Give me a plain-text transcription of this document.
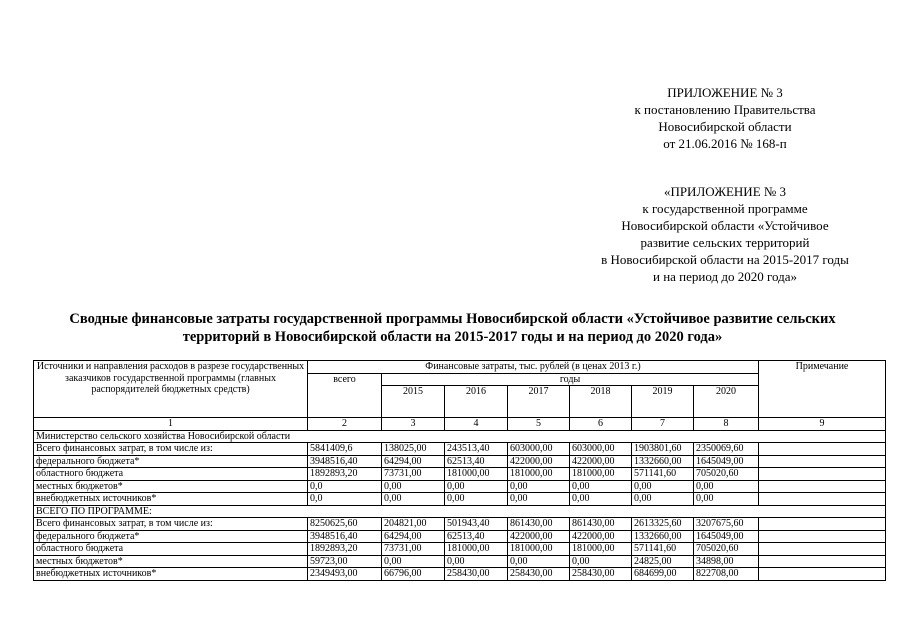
ПРИЛОЖЕНИЕ № 3
к постановлению Правительства
Новосибирской области
от 21.06.2016 № 168-п
«ПРИЛОЖЕНИЕ № 3
к государственной программе
Новосибирской области «Устойчивое
развитие сельских территорий
в Новосибирской области на 2015-2017 годы
и на период до 2020 года»
Сводные финансовые затраты государственной программы Новосибирской области «Устойчивое развитие сельских
территорий в Новосибирской области на 2015-2017 годы и на период до 2020 года»
Источники и направления расходов в разрезе государственных заказчиков государственной программы (главных распорядителей бюджетных средств)	Финансовые затраты, тыс. рублей (в ценах 2013 г.)							Примечание
	всего	годы						
		2015	2016	2017	2018	2019	2020	
1	2	3	4	5	6	7	8	9
Министерство сельского хозяйства Новосибирской области								
Всего финансовых затрат, в том числе из:	5841409,6	138025,00	243513,40	603000,00	603000,00	1903801,60	2350069,60	
федерального бюджета*	3948516,40	64294,00	62513,40	422000,00	422000,00	1332660,00	1645049,00	
областного бюджета	1892893,20	73731,00	181000,00	181000,00	181000,00	571141,60	705020,60	
местных бюджетов*	0,0	0,00	0,00	0,00	0,00	0,00	0,00	
внебюджетных источников*	0,0	0,00	0,00	0,00	0,00	0,00	0,00	
ВСЕГО ПО ПРОГРАММЕ:								
Всего финансовых затрат, в том числе из:	8250625,60	204821,00	501943,40	861430,00	861430,00	2613325,60	3207675,60	
федерального бюджета*	3948516,40	64294,00	62513,40	422000,00	422000,00	1332660,00	1645049,00	
областного бюджета	1892893,20	73731,00	181000,00	181000,00	181000,00	571141,60	705020,60	
местных бюджетов*	59723,00	0,00	0,00	0,00	0,00	24825,00	34898,00	
внебюджетных источников*	2349493,00	66796,00	258430,00	258430,00	258430,00	684699,00	822708,00	
